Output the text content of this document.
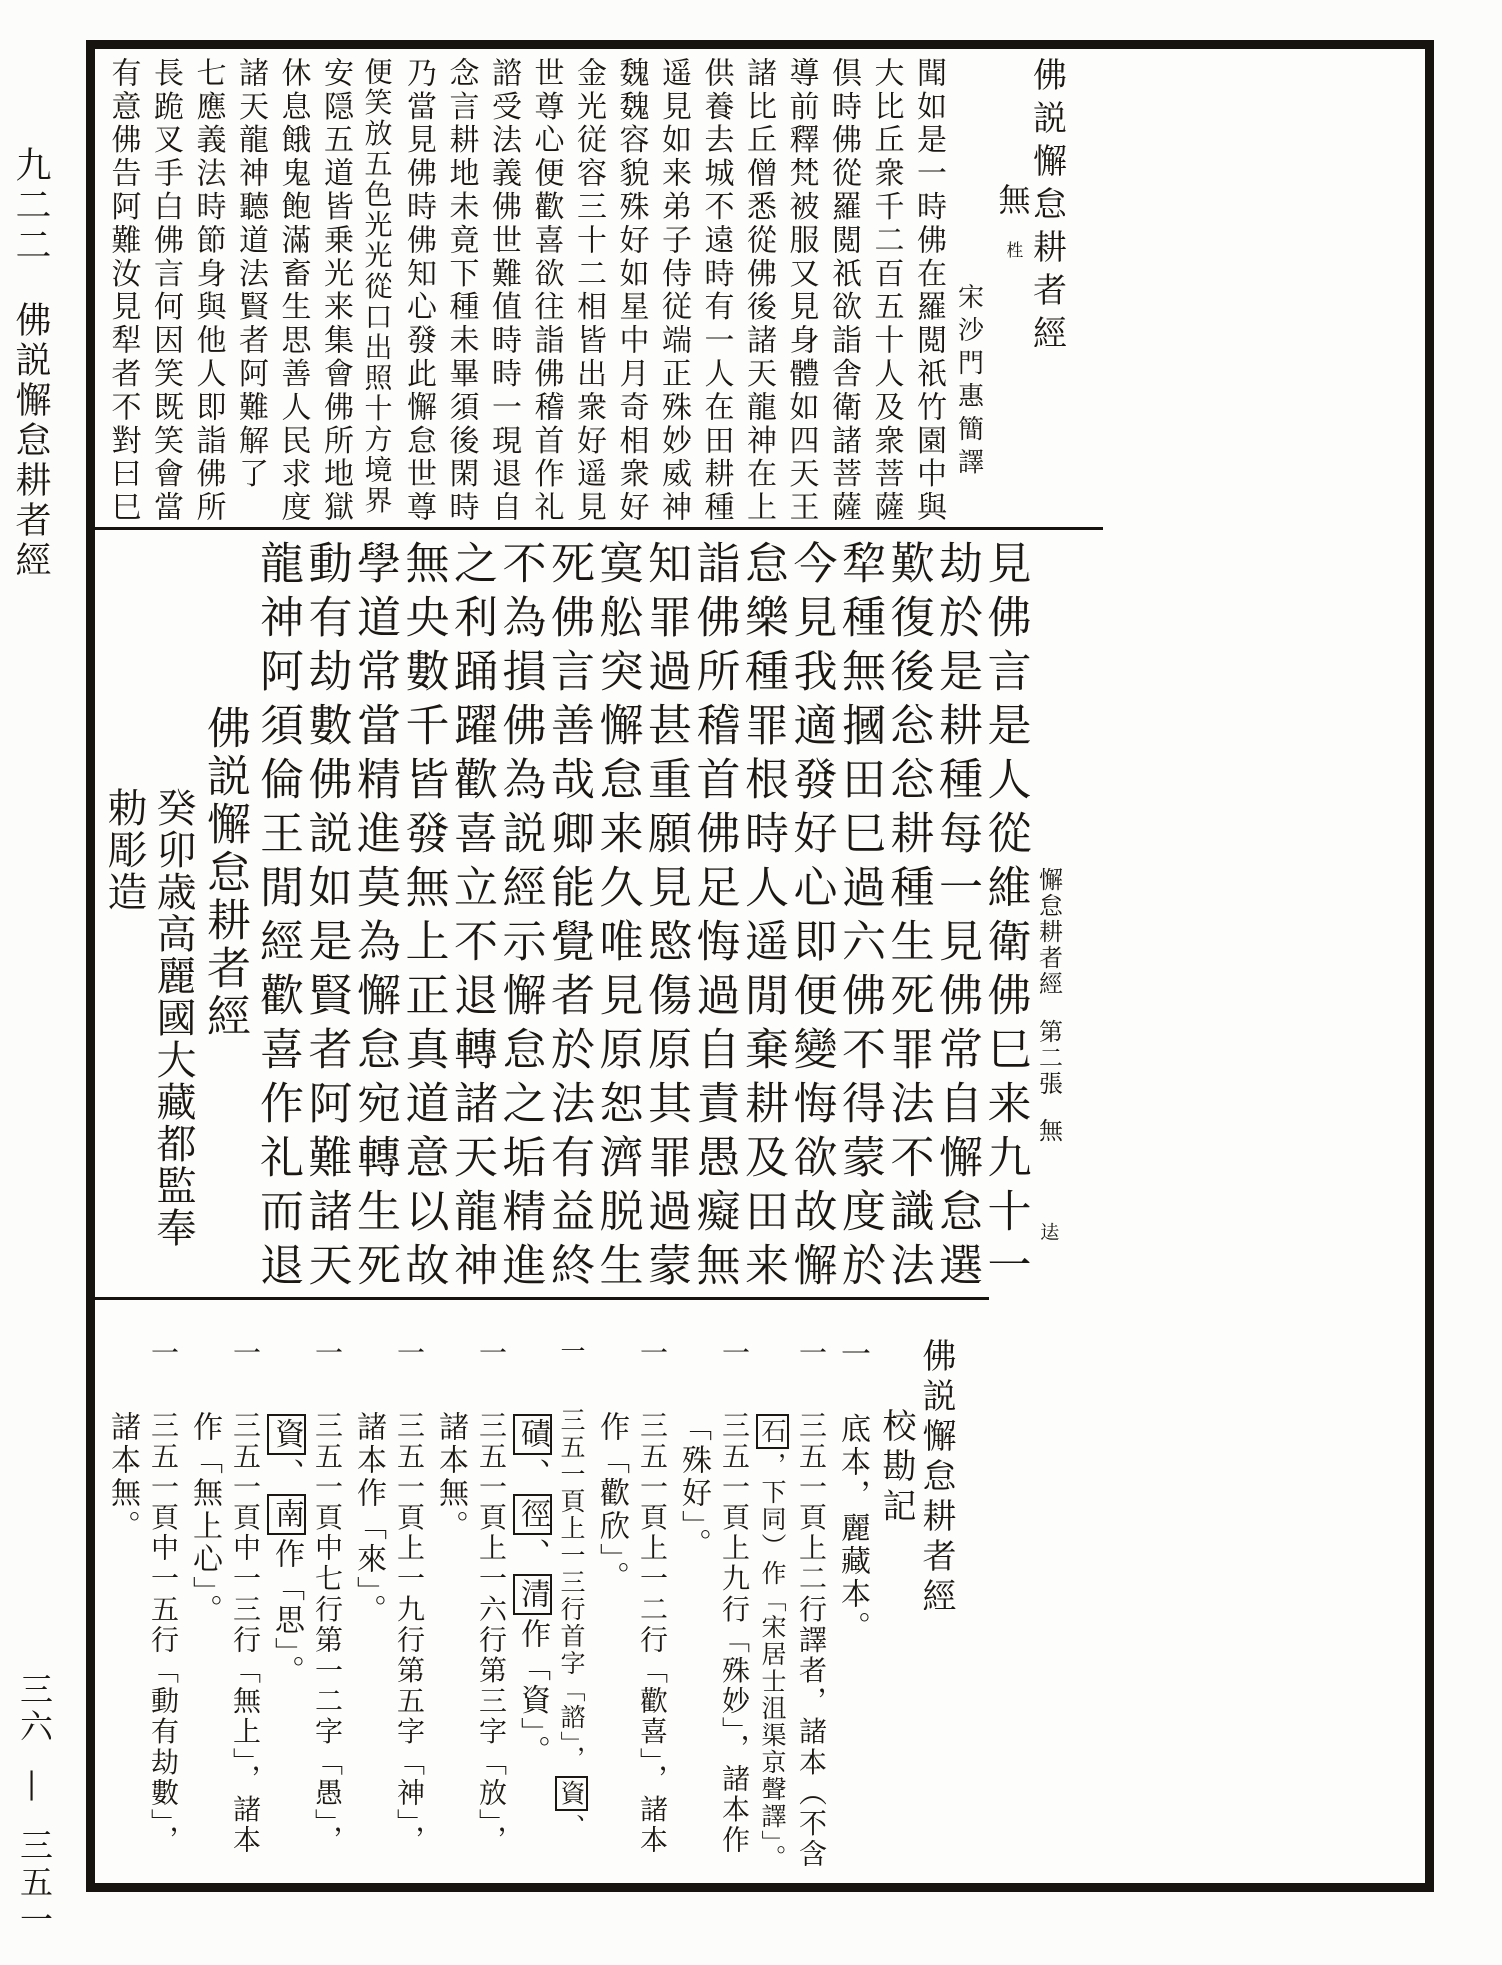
九二二 佛説懈怠耕者經
三六 — 三五一
佛説懈怠耕者經 無 栍
宋沙門惠簡譯
聞如是一時佛在羅閲祇竹園中與
大比丘衆千二百五十人及衆菩薩
倶時佛從羅閲祇欲詣舎衛諸菩薩
導前釋梵被服又見身體如四天王
諸比丘僧悉從佛後諸天龍神在上
供養去城不遠時有一人在田耕種
遥見如来弟子侍従端正殊妙威神
魏魏容貌殊好如星中月奇相衆好
金光従容三十二相皆出衆好遥見
世尊心便歡喜欲往詣佛稽首作礼
諮受法義佛世難值時時一現退自
念言耕地未竟下種未畢須後閑時
乃當見佛時佛知心發此懈怠世尊
便笑放五色光光從口出照十方境界
安隠五道皆乗光来集會佛所地獄
休息餓鬼飽滿畜生思善人民求度
諸天龍神聽道法賢者阿難解了
七應義法時節身與他人即詣佛所
長跪叉手白佛言何因笑既笑會當
有意佛告阿難汝見犁者不對曰巳
懈怠耕者經 第二張 無 迲
見佛言是人從維衛佛巳来九十一
劫於是耕種每一見佛常自懈怠選
歎復後忩忩耕種生死罪法不識法
犂種無摑田巳過六佛不得蒙度於
今見我適發好心即便變悔欲故懈
怠樂種罪根時人遥閒棄耕及田来
詣佛所稽首佛足悔過自責愚癡無
知罪過甚重願見愍傷原其罪過蒙
寞舩突懈怠来久唯見原恕濟脱生
死佛言善哉卿能覺者於法有益終
不為損佛為説經示懈怠之垢精進
之利踊躍歡喜立不退轉諸天龍神
無央數千皆發無上正真道意以故
學道常當精進莫為懈怠宛轉生死
動有劫數佛説如是賢者阿難諸天
龍神阿須倫王閒經歡喜作礼而退
佛説懈怠耕者經
癸卯歳高麗國大藏都監奉
勅彫造
佛説懈怠耕者經
校勘記
一底本，麗藏本。
一三五一頁上二行譯者，諸本（不含
石，下同）作「宋居士沮渠京聲譯」。
一三五一頁上九行「殊妙」，諸本作
「殊好」。
一三五一頁上一二行「歡喜」，諸本
作「歡欣」。
一三五一頁上一三行首字「諮」，資、
磧、徑、清作「資」。
一三五一頁上一六行第三字「放」，
諸本無。
一三五一頁上一九行第五字「神」，
諸本作「來」。
一三五一頁中七行第一二字「愚」，
資、南作「思」。
一三五一頁中一三行「無上」，諸本
作「無上心」。
一三五一頁中一五行「動有劫數」，
諸本無。
